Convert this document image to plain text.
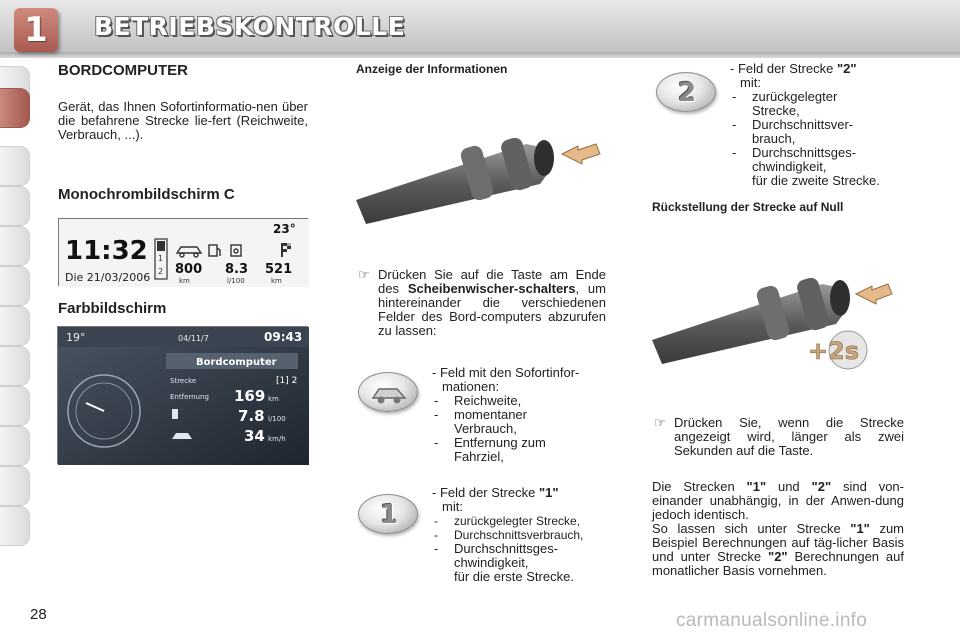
1	BETRIEBSKONTROLLE
BORDCOMPUTER
Gerät, das Ihnen Sofortinformatio-nen über die befahrene Strecke lie-fert (Reichweite, Verbrauch, ...).
Monochrombildschirm C
11:32
Die 21/03/2006
1
2
23°
800 8.3 521
km	l/100	km
Farbbildschirm
19°	04/11/7	09:43
Bordcomputer
Strecke	[1] 2
Entfernung 169 km
7.8 l/100
34 km/h
Anzeige der Informationen
☞ Drücken Sie auf die Taste am Ende des Scheibenwischer-schalters, um hintereinander die verschiedenen Felder des Bord-computers abzurufen zu lassen:
- Feld mit den Sofortinfor-
mationen:
- Reichweite,
- momentaner
Verbrauch,
- Entfernung zum
Fahrziel,
1
- Feld der Strecke "1"
mit:
- zurückgelegter Strecke,
- Durchschnittsverbrauch,
- Durchschnittsges-
chwindigkeit,
für die erste Strecke.
2
- Feld der Strecke "2"
mit:
- zurückgelegter
Strecke,
- Durchschnittsver-
brauch,
- Durchschnittsges-
chwindigkeit,
für die zweite Strecke.
Rückstellung der Strecke auf Null
+2s
☞ Drücken Sie, wenn die Strecke angezeigt wird, länger als zwei Sekunden auf die Taste.
Die Strecken "1" und "2" sind von-einander unabhängig, in der Anwen-dung jedoch identisch.
So lassen sich unter Strecke "1" zum Beispiel Berechnungen auf täg-licher Basis und unter Strecke "2" Berechnungen auf monatlicher Basis vornehmen.
28	carmanualsonline.info
